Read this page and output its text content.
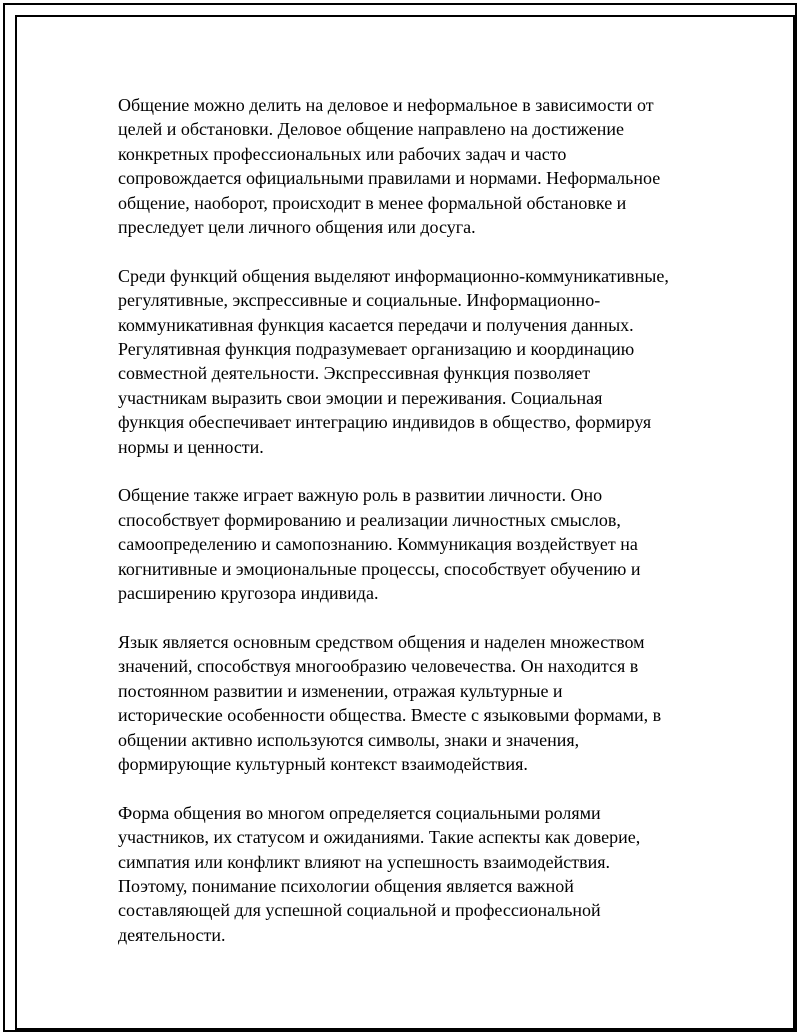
Общение можно делить на деловое и неформальное в зависимости от
целей и обстановки. Деловое общение направлено на достижение
конкретных профессиональных или рабочих задач и часто
сопровождается официальными правилами и нормами. Неформальное
общение, наоборот, происходит в менее формальной обстановке и
преследует цели личного общения или досуга.

Среди функций общения выделяют информационно-коммуникативные,
регулятивные, экспрессивные и социальные. Информационно-
коммуникативная функция касается передачи и получения данных.
Регулятивная функция подразумевает организацию и координацию
совместной деятельности. Экспрессивная функция позволяет
участникам выразить свои эмоции и переживания. Социальная
функция обеспечивает интеграцию индивидов в общество, формируя
нормы и ценности.

Общение также играет важную роль в развитии личности. Оно
способствует формированию и реализации личностных смыслов,
самоопределению и самопознанию. Коммуникация воздействует на
когнитивные и эмоциональные процессы, способствует обучению и
расширению кругозора индивида.

Язык является основным средством общения и наделен множеством
значений, способствуя многообразию человечества. Он находится в
постоянном развитии и изменении, отражая культурные и
исторические особенности общества. Вместе с языковыми формами, в
общении активно используются символы, знаки и значения,
формирующие культурный контекст взаимодействия.

Форма общения во многом определяется социальными ролями
участников, их статусом и ожиданиями. Такие аспекты как доверие,
симпатия или конфликт влияют на успешность взаимодействия.
Поэтому, понимание психологии общения является важной
составляющей для успешной социальной и профессиональной
деятельности.
